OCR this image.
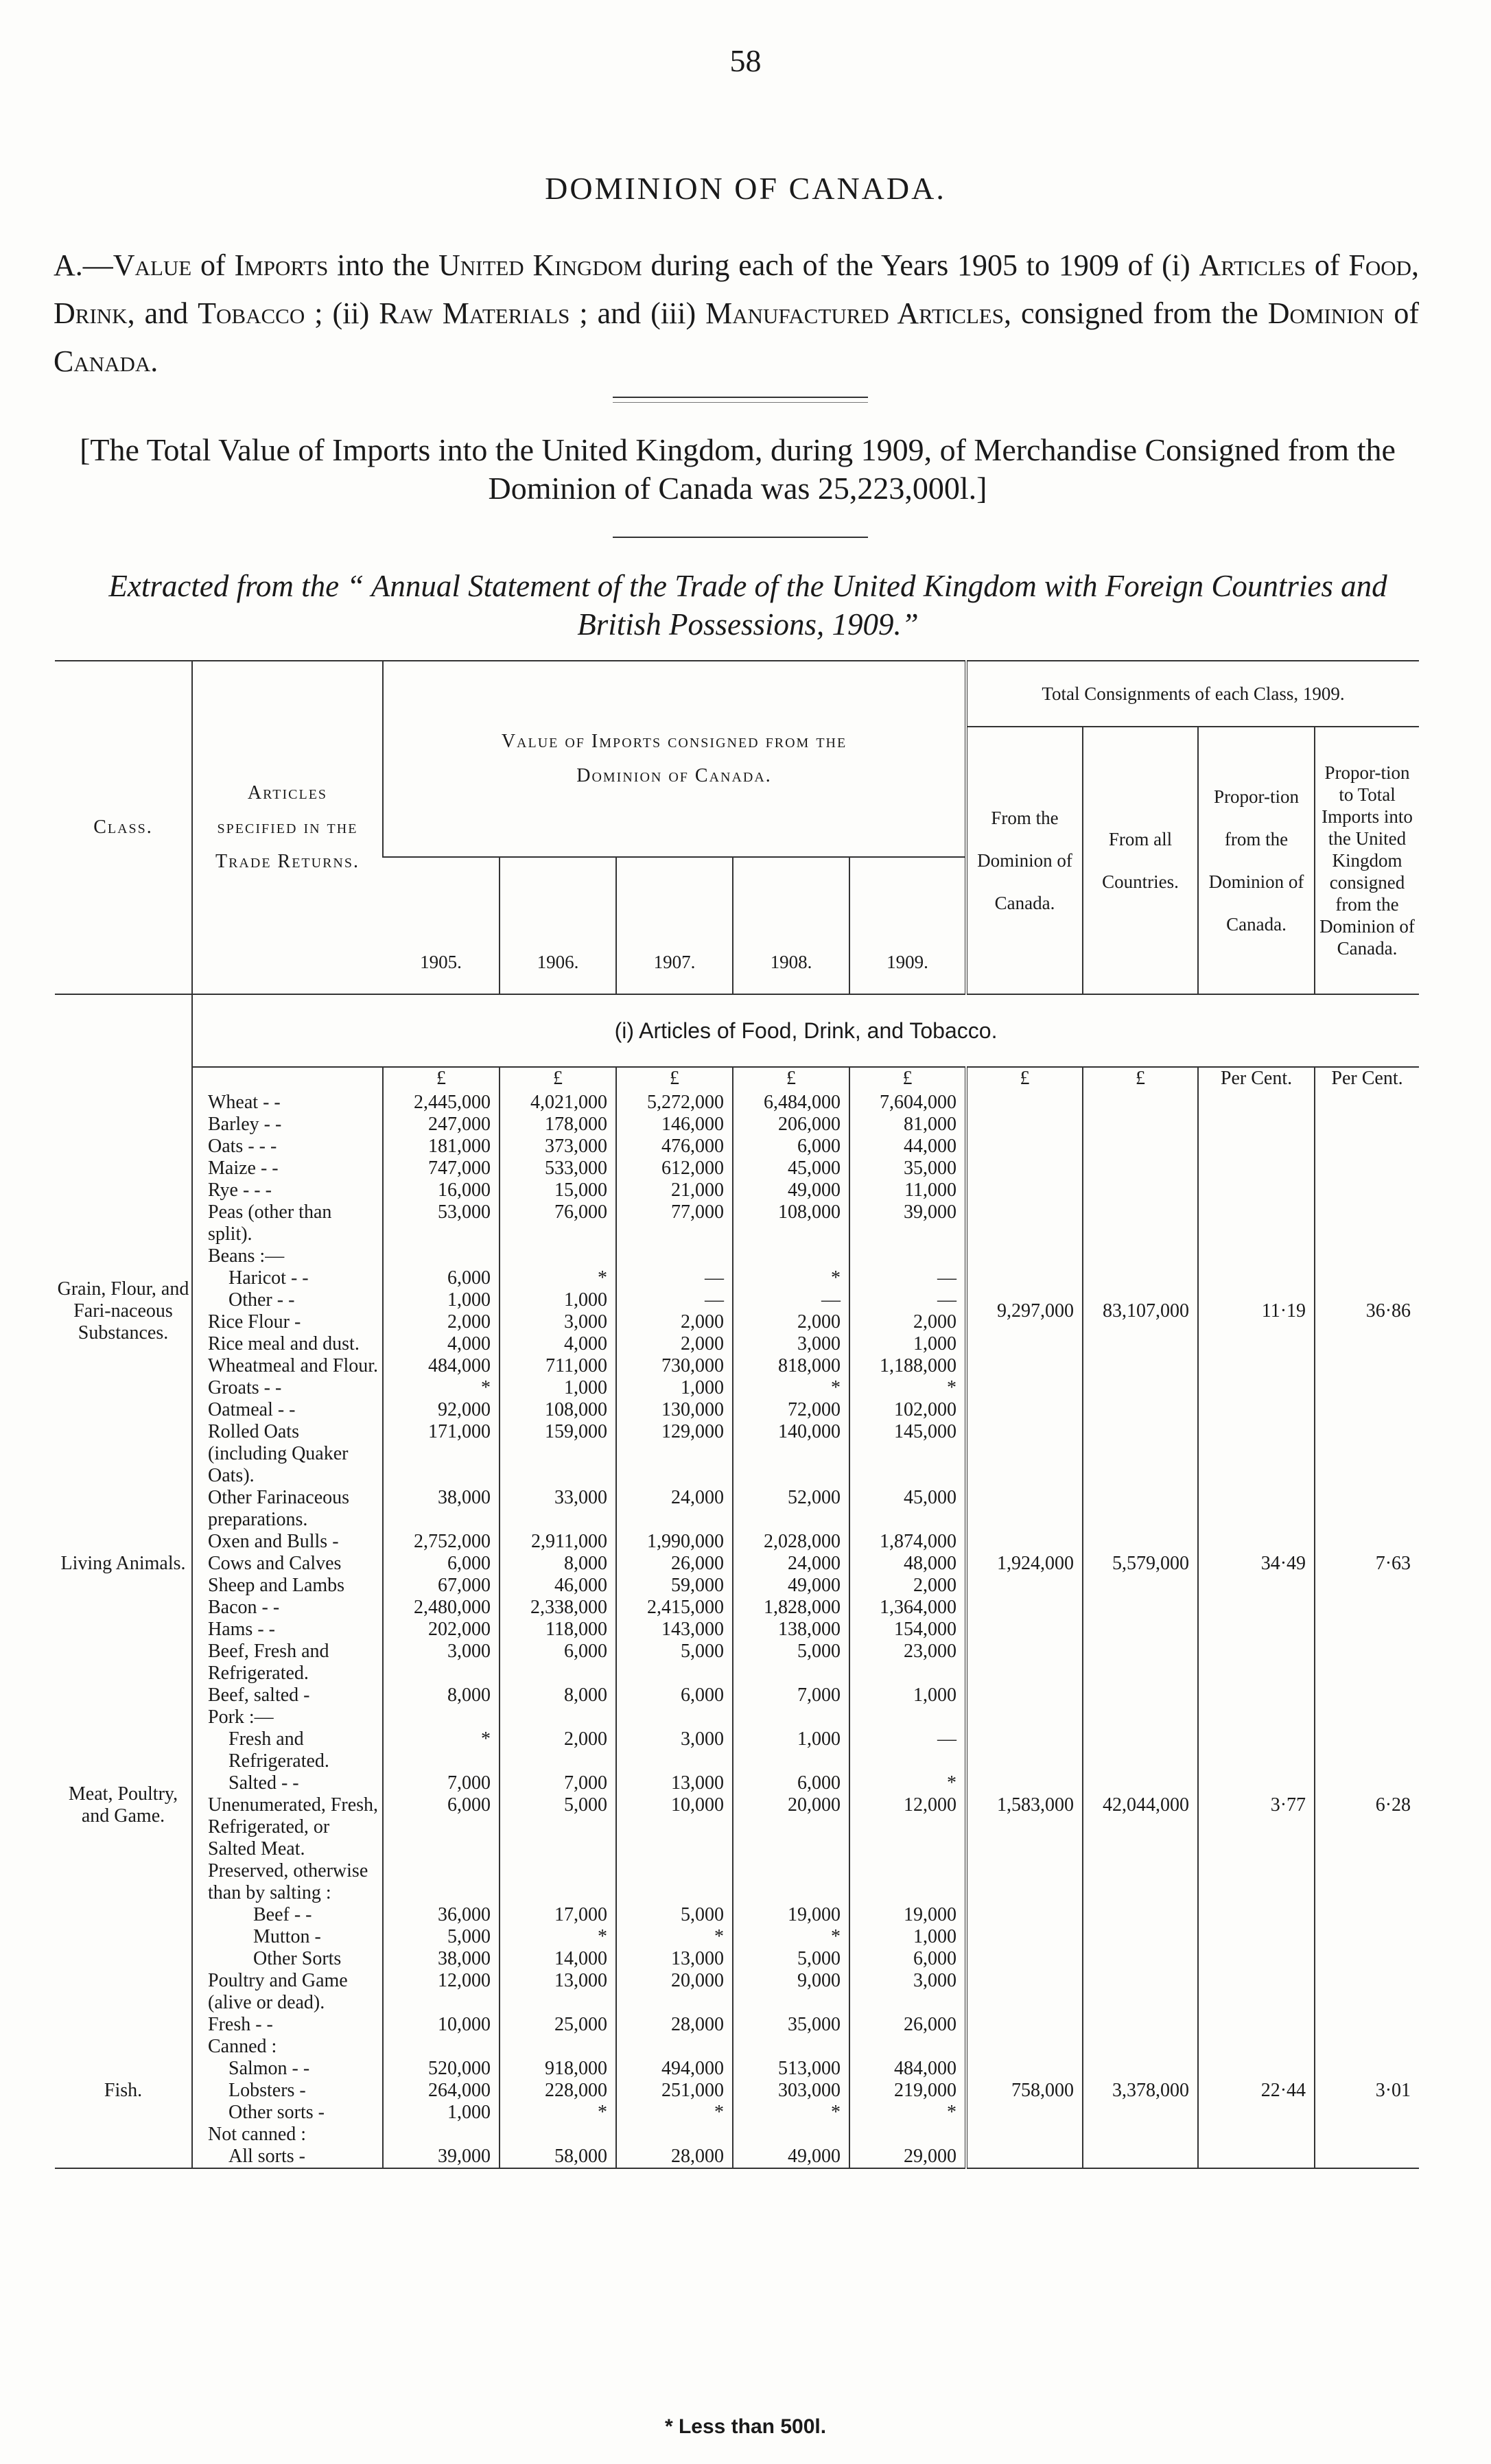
58
DOMINION OF CANADA.
A.—Value of Imports into the United Kingdom during each of the Years 1905 to 1909 of (i) Articles of Food, Drink, and Tobacco ; (ii) Raw Materials ; and (iii) Manufactured Articles, consigned from the Dominion of Canada.
[The Total Value of Imports into the United Kingdom, during 1909, of Merchandise Consigned from the Dominion of Canada was 25,223,000l.]
Extracted from the “ Annual Statement of the Trade of the United Kingdom with Foreign Countries and British Possessions, 1909.”
Class.	Articles specified in the Trade Returns.	Value of Imports consigned from the Dominion of Canada.					Total Consignments of each Class, 1909.			
							From the Dominion of Canada.	From all Countries.	Propor-tion from the Dominion of Canada.	Propor-tion to Total Imports into the United Kingdom consigned from the Dominion of Canada.
		1905.	1906.	1907.	1908.	1909.				
	(i) Articles of Food, Drink, and Tobacco.									
		£	£	£	£	£	£	£	Per Cent.	Per Cent.
Grain, Flour, and Fari-naceous Substances.	Wheat - -	2,445,000	4,021,000	5,272,000	6,484,000	7,604,000	9,297,000	83,107,000	11·19	36·86
	Barley - -	247,000	178,000	146,000	206,000	81,000				
	Oats - - -	181,000	373,000	476,000	6,000	44,000				
	Maize - -	747,000	533,000	612,000	45,000	35,000				
	Rye - - -	16,000	15,000	21,000	49,000	11,000				
	Peas (other than split).	53,000	76,000	77,000	108,000	39,000				
	Beans :—									
	Haricot - -	6,000	*	—	*	—				
	Other - -	1,000	1,000	—	—	—				
	Rice Flour -	2,000	3,000	2,000	2,000	2,000				
	Rice meal and dust.	4,000	4,000	2,000	3,000	1,000				
	Wheatmeal and Flour.	484,000	711,000	730,000	818,000	1,188,000				
	Groats - -	*	1,000	1,000	*	*				
	Oatmeal - -	92,000	108,000	130,000	72,000	102,000				
	Rolled Oats (including Quaker Oats).	171,000	159,000	129,000	140,000	145,000				
	Other Farinaceous preparations.	38,000	33,000	24,000	52,000	45,000				
Living Animals.	Oxen and Bulls -	2,752,000	2,911,000	1,990,000	2,028,000	1,874,000	1,924,000	5,579,000	34·49	7·63
	Cows and Calves	6,000	8,000	26,000	24,000	48,000				
	Sheep and Lambs	67,000	46,000	59,000	49,000	2,000				
Meat, Poultry, and Game.	Bacon - -	2,480,000	2,338,000	2,415,000	1,828,000	1,364,000	1,583,000	42,044,000	3·77	6·28
	Hams - -	202,000	118,000	143,000	138,000	154,000				
	Beef, Fresh and Refrigerated.	3,000	6,000	5,000	5,000	23,000				
	Beef, salted -	8,000	8,000	6,000	7,000	1,000				
	Pork :—									
	Fresh and Refrigerated.	*	2,000	3,000	1,000	—				
	Salted - -	7,000	7,000	13,000	6,000	*				
	Unenumerated, Fresh, Refrigerated, or Salted Meat.	6,000	5,000	10,000	20,000	12,000				
	Preserved, otherwise than by salting :									
	Beef - -	36,000	17,000	5,000	19,000	19,000				
	Mutton -	5,000	*	*	*	1,000				
	Other Sorts	38,000	14,000	13,000	5,000	6,000				
	Poultry and Game (alive or dead).	12,000	13,000	20,000	9,000	3,000				
Fish.	Fresh - -	10,000	25,000	28,000	35,000	26,000	758,000	3,378,000	22·44	3·01
	Canned :									
	Salmon - -	520,000	918,000	494,000	513,000	484,000				
	Lobsters -	264,000	228,000	251,000	303,000	219,000				
	Other sorts -	1,000	*	*	*	*				
	Not canned :									
	All sorts -	39,000	58,000	28,000	49,000	29,000				
* Less than 500l.
